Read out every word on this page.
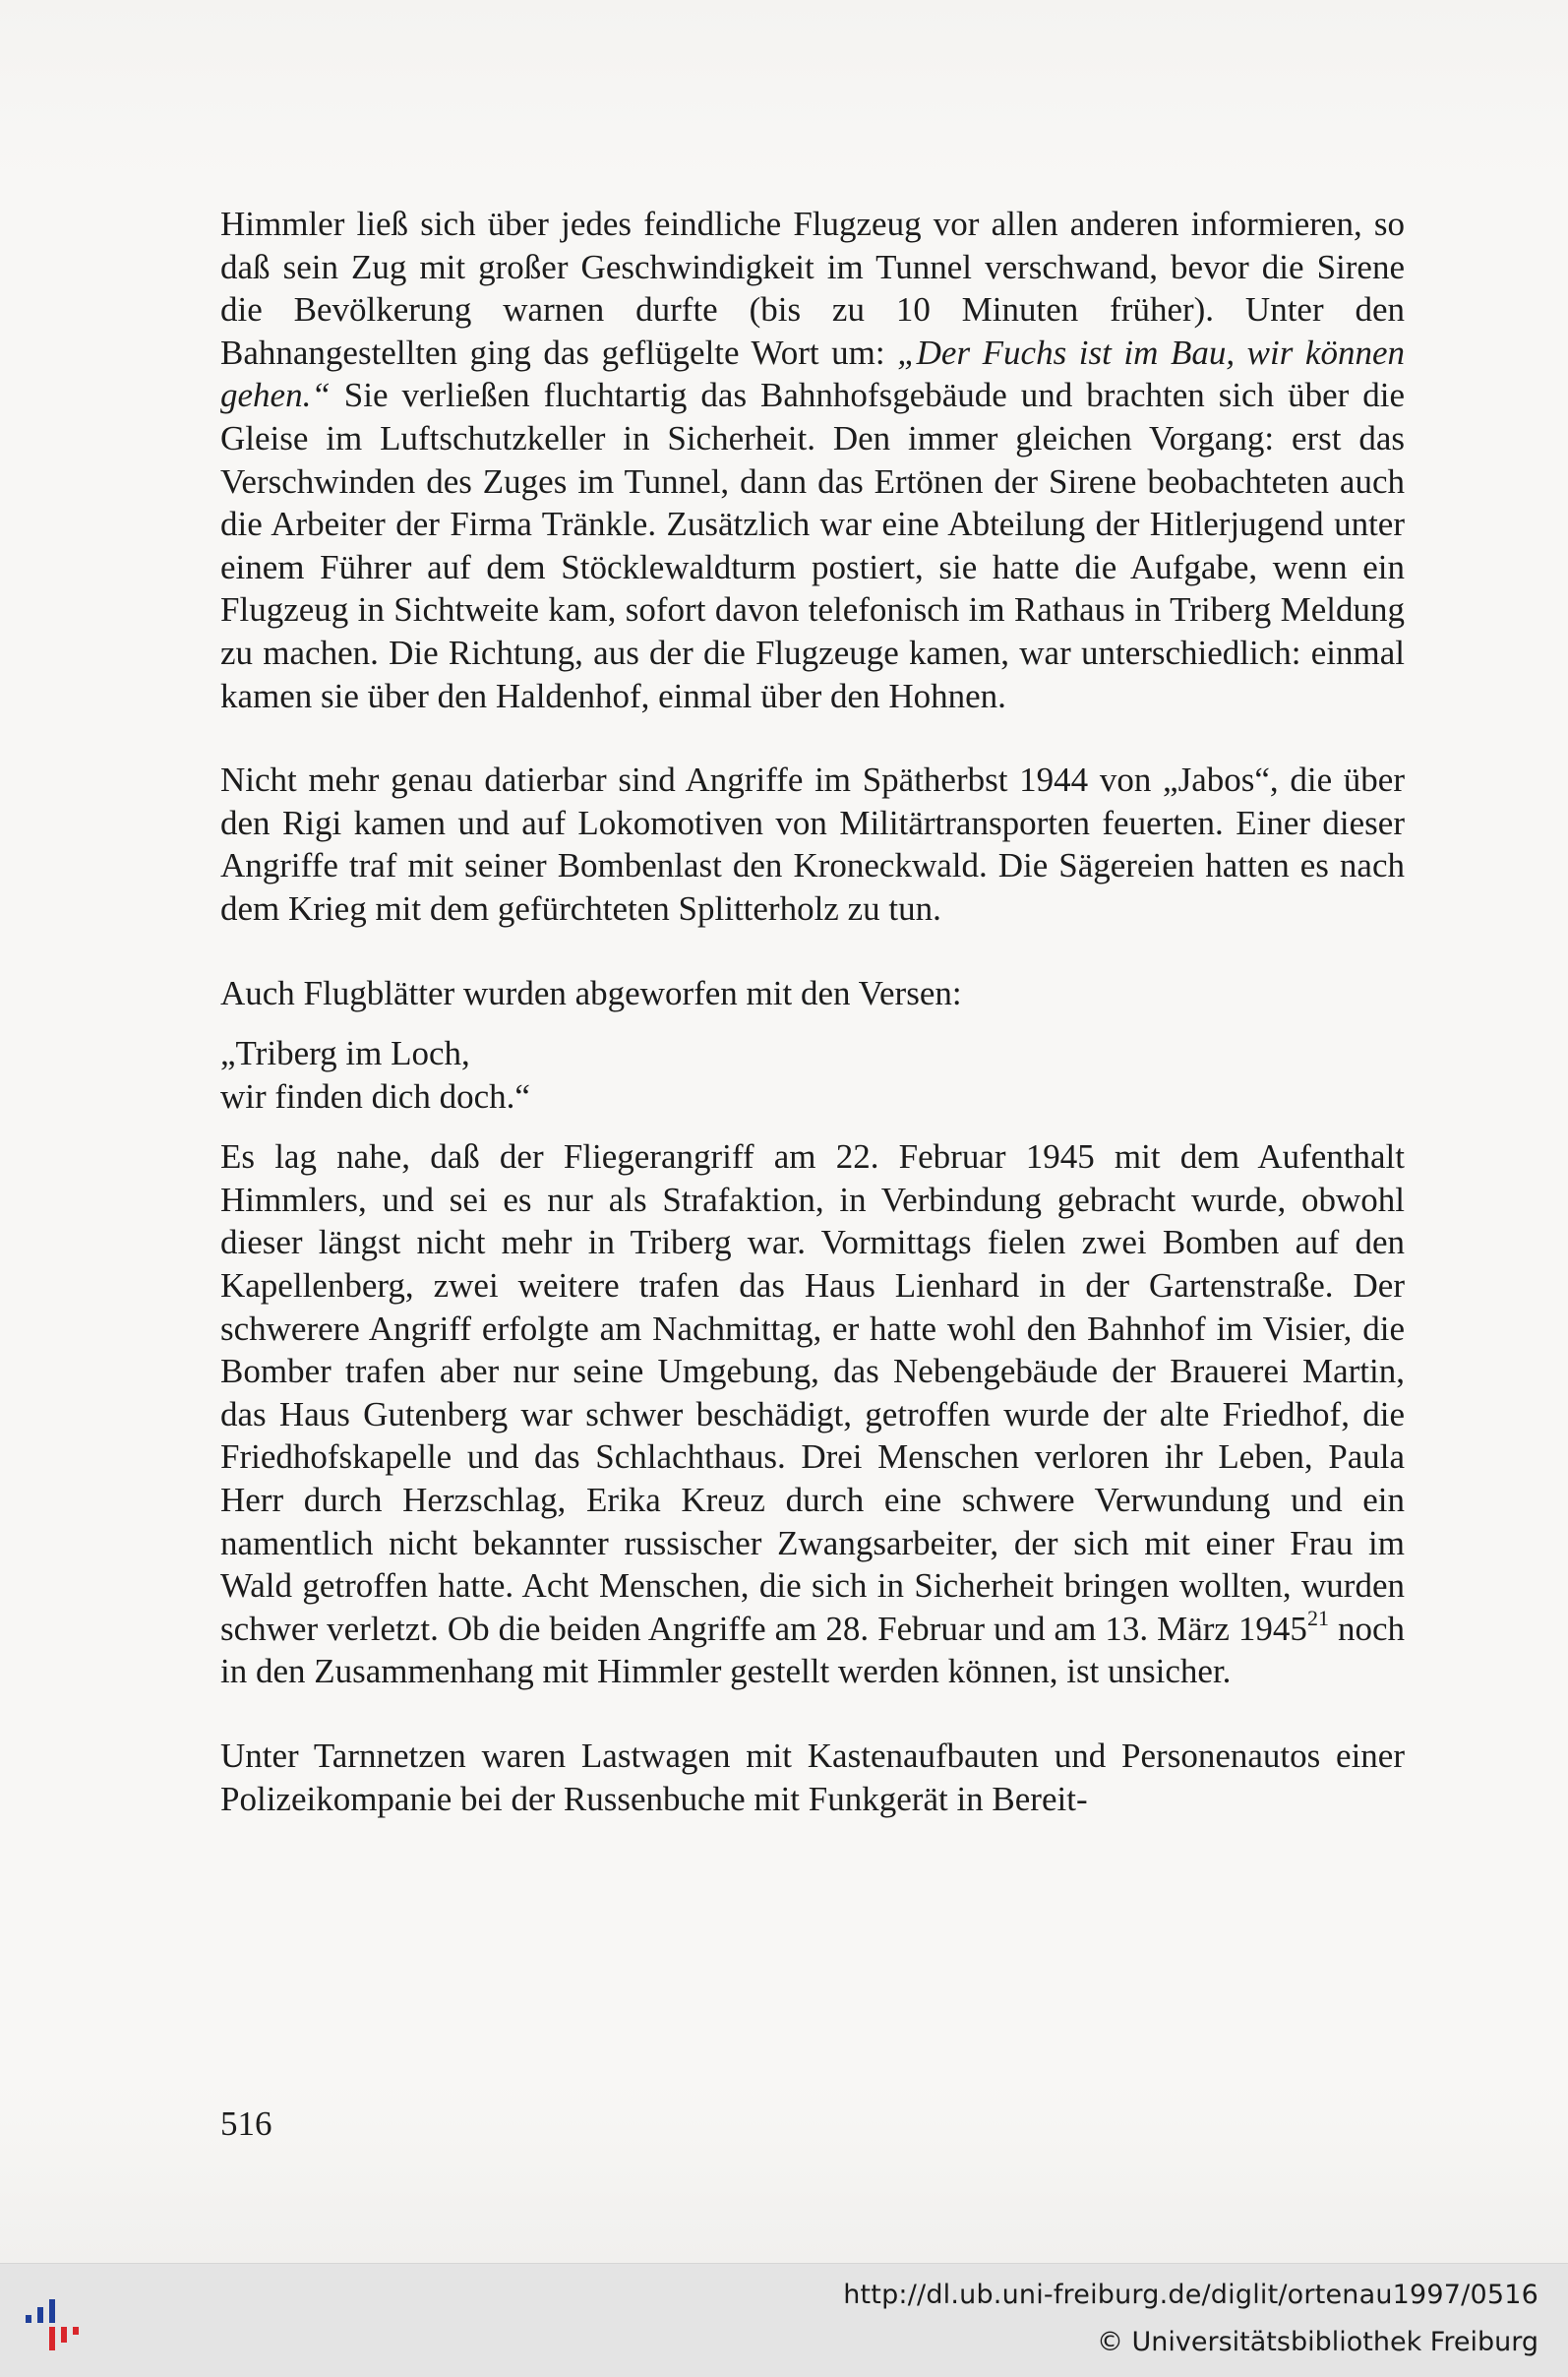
Himmler ließ sich über jedes feindliche Flugzeug vor allen anderen informieren, so daß sein Zug mit großer Geschwindigkeit im Tunnel verschwand, bevor die Sirene die Bevölkerung warnen durfte (bis zu 10 Minuten früher). Unter den Bahnangestellten ging das geflügelte Wort um: „Der Fuchs ist im Bau, wir können gehen.“ Sie verließen fluchtartig das Bahnhofsgebäude und brachten sich über die Gleise im Luftschutzkeller in Sicherheit. Den immer gleichen Vorgang: erst das Verschwinden des Zuges im Tunnel, dann das Ertönen der Sirene beobachteten auch die Arbeiter der Firma Tränkle. Zusätzlich war eine Abteilung der Hitlerjugend unter einem Führer auf dem Stöcklewaldturm postiert, sie hatte die Aufgabe, wenn ein Flugzeug in Sichtweite kam, sofort davon telefonisch im Rathaus in Triberg Meldung zu machen. Die Richtung, aus der die Flugzeuge kamen, war unterschiedlich: einmal kamen sie über den Haldenhof, einmal über den Hohnen.

Nicht mehr genau datierbar sind Angriffe im Spätherbst 1944 von „Jabos“, die über den Rigi kamen und auf Lokomotiven von Militärtransporten feuerten. Einer dieser Angriffe traf mit seiner Bombenlast den Kroneckwald. Die Sägereien hatten es nach dem Krieg mit dem gefürchteten Splitterholz zu tun.

Auch Flugblätter wurden abgeworfen mit den Versen:

„Triberg im Loch,
wir finden dich doch.“

Es lag nahe, daß der Fliegerangriff am 22. Februar 1945 mit dem Aufenthalt Himmlers, und sei es nur als Strafaktion, in Verbindung gebracht wurde, obwohl dieser längst nicht mehr in Triberg war. Vormittags fielen zwei Bomben auf den Kapellenberg, zwei weitere trafen das Haus Lienhard in der Gartenstraße. Der schwerere Angriff erfolgte am Nachmittag, er hatte wohl den Bahnhof im Visier, die Bomber trafen aber nur seine Umgebung, das Nebengebäude der Brauerei Martin, das Haus Gutenberg war schwer beschädigt, getroffen wurde der alte Friedhof, die Friedhofskapelle und das Schlachthaus. Drei Menschen verloren ihr Leben, Paula Herr durch Herzschlag, Erika Kreuz durch eine schwere Verwundung und ein namentlich nicht bekannter russischer Zwangsarbeiter, der sich mit einer Frau im Wald getroffen hatte. Acht Menschen, die sich in Sicherheit bringen wollten, wurden schwer verletzt. Ob die beiden Angriffe am 28. Februar und am 13. März 1945$^{21}$ noch in den Zusammenhang mit Himmler gestellt werden können, ist unsicher.

Unter Tarnnetzen waren Lastwagen mit Kastenaufbauten und Personenautos einer Polizeikompanie bei der Russenbuche mit Funkgerät in Bereit-

516
http://dl.ub.uni-freiburg.de/diglit/ortenau1997/0516
© Universitätsbibliothek Freiburg
